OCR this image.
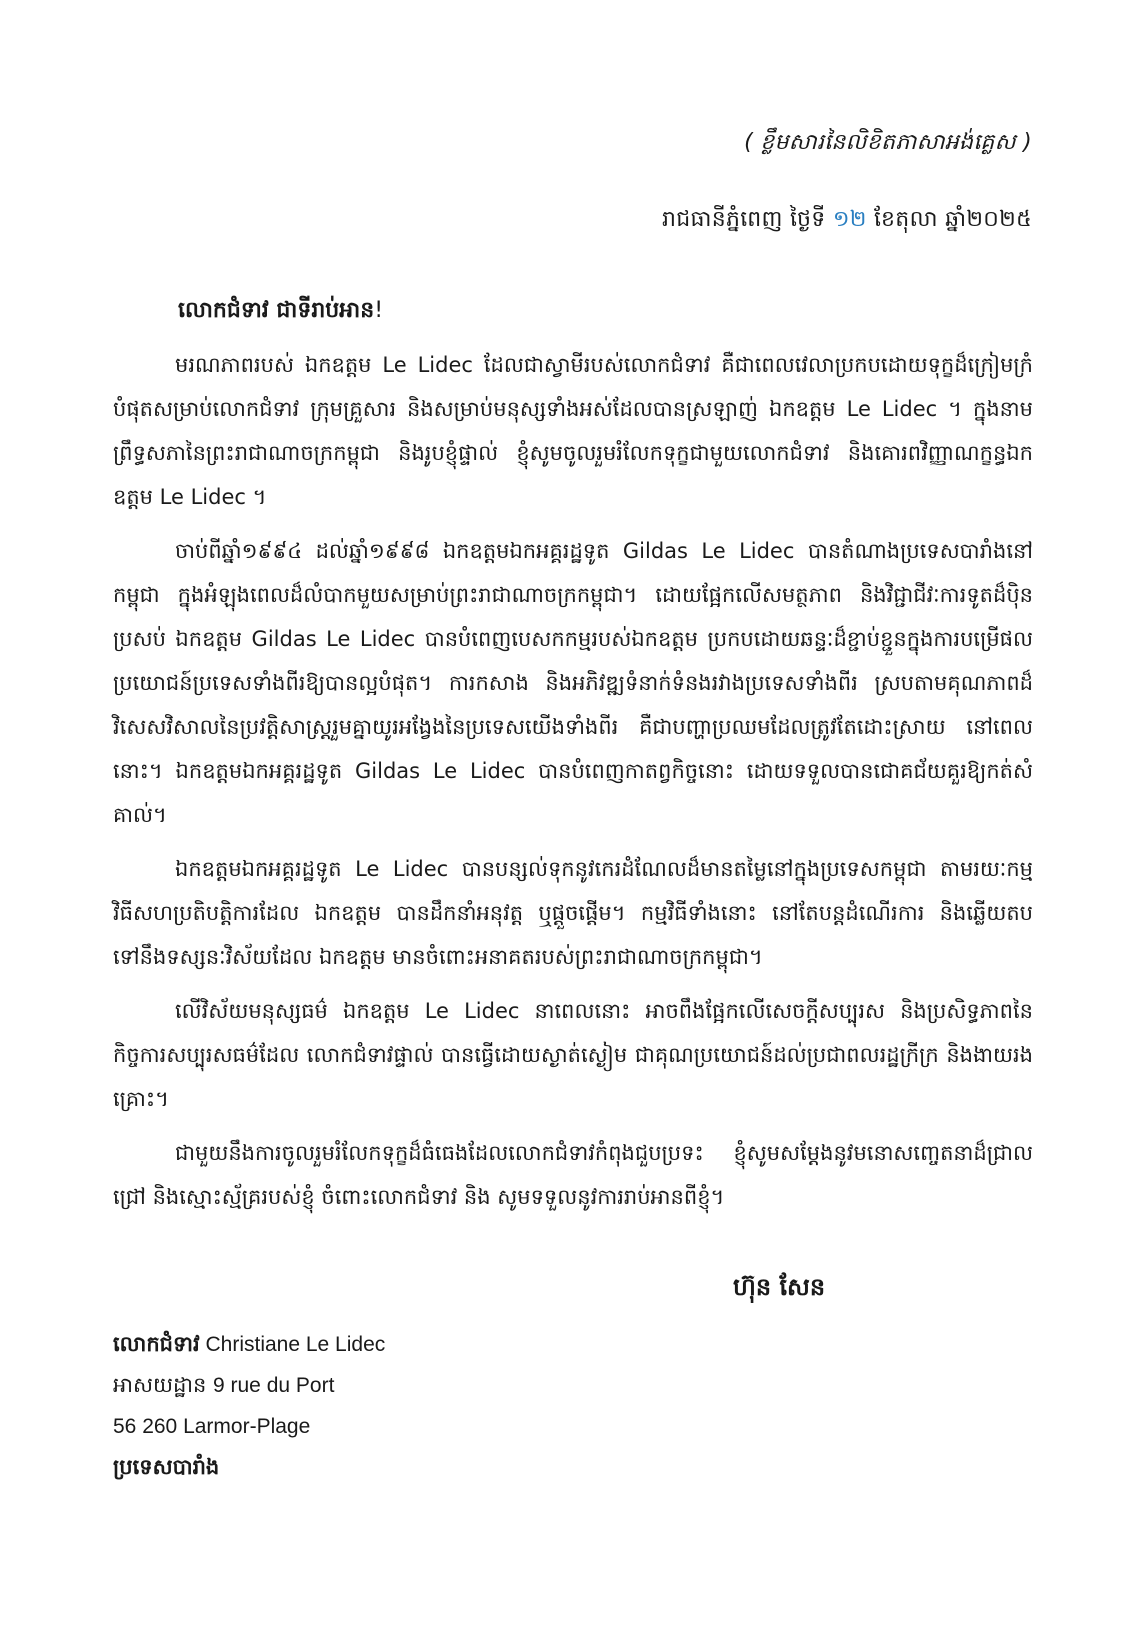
( ខ្លឹមសារនៃលិខិតភាសាអង់គ្លេស )
រាជធានីភ្នំពេញ ថ្ងៃទី ១២ ខែតុលា ឆ្នាំ២០២៥
លោកជំទាវ ជាទីរាប់អាន!

មរណភាពរបស់ ឯកឧត្តម Le Lidec ដែលជាស្វាមីរបស់លោកជំទាវ គឺជាពេលវេលាប្រកបដោយទុក្ខដ៏ក្រៀមក្រំបំផុតសម្រាប់លោកជំទាវ ក្រុមគ្រួសារ និងសម្រាប់មនុស្សទាំងអស់ដែលបានស្រឡាញ់ ឯកឧត្តម Le Lidec ។ ក្នុងនាមព្រឹទ្ធសភានៃព្រះរាជាណាចក្រកម្ពុជា និងរូបខ្ញុំផ្ទាល់ ខ្ញុំសូមចូលរួមរំលែកទុក្ខជាមួយលោកជំទាវ និងគោរពវិញ្ញាណក្ខន្ធឯកឧត្តម Le Lidec ។

ចាប់ពីឆ្នាំ១៩៩៤ ដល់ឆ្នាំ១៩៩៨ ឯកឧត្តមឯកអគ្គរដ្ឋទូត Gildas Le Lidec បានតំណាងប្រទេសបារាំងនៅកម្ពុជា ក្នុងអំឡុងពេលដ៏លំបាកមួយសម្រាប់ព្រះរាជាណាចក្រកម្ពុជា។ ដោយផ្អែកលើសមត្ថភាព និងវិជ្ជាជីវៈការទូតដ៏ប៉ិនប្រសប់ ឯកឧត្តម Gildas Le Lidec បានបំពេញបេសកកម្មរបស់ឯកឧត្តម ប្រកបដោយឆន្ទៈដ៏ខ្ជាប់ខ្ជួនក្នុងការបម្រើផលប្រយោជន៍ប្រទេសទាំងពីរឱ្យបានល្អបំផុត។ ការកសាង និងអភិវឌ្ឍទំនាក់ទំនងរវាងប្រទេសទាំងពីរ ស្របតាមគុណភាពដ៏វិសេសវិសាលនៃប្រវត្តិសាស្ត្ររួមគ្នាយូរអង្វែងនៃប្រទេសយើងទាំងពីរ គឺជាបញ្ហាប្រឈមដែលត្រូវតែដោះស្រាយ នៅពេលនោះ។ ឯកឧត្តមឯកអគ្គរដ្ឋទូត Gildas Le Lidec បានបំពេញកាតព្វកិច្ចនោះ ដោយទទួលបានជោគជ័យគួរឱ្យកត់សំគាល់។

ឯកឧត្តមឯកអគ្គរដ្ឋទូត Le Lidec បានបន្សល់ទុកនូវកេរដំណែលដ៏មានតម្លៃនៅក្នុងប្រទេសកម្ពុជា តាមរយៈកម្មវិធីសហប្រតិបត្តិការដែល ឯកឧត្តម បានដឹកនាំអនុវត្ត ឬផ្តួចផ្តើម។ កម្មវិធីទាំងនោះ នៅតែបន្តដំណើរការ និងឆ្លើយតបទៅនឹងទស្សនៈវិស័យដែល ឯកឧត្តម មានចំពោះអនាគតរបស់ព្រះរាជាណាចក្រកម្ពុជា។

លើវិស័យមនុស្សធម៌ ឯកឧត្តម Le Lidec នាពេលនោះ អាចពឹងផ្អែកលើសេចក្តីសប្បុរស និងប្រសិទ្ធភាពនៃកិច្ចការសប្បុរសធម៌ដែល លោកជំទាវផ្ទាល់ បានធ្វើដោយស្ងាត់ស្ងៀម ជាគុណប្រយោជន៍ដល់ប្រជាពលរដ្ឋក្រីក្រ និងងាយរងគ្រោះ។

ជាមួយនឹងការចូលរួមរំលែកទុក្ខដ៏ធំធេងដែលលោកជំទាវកំពុងជួបប្រទះ ខ្ញុំសូមសម្តែងនូវមនោសញ្ចេតនាដ៏ជ្រាលជ្រៅ និងស្មោះស្ម័គ្ររបស់ខ្ញុំ ចំពោះលោកជំទាវ និង សូមទទួលនូវការរាប់អានពីខ្ញុំ។

ហ៊ុន សែន
លោកជំទាវ Christiane Le Lidec
អាសយដ្ឋាន 9 rue du Port
56 260 Larmor-Plage
ប្រទេសបារាំង
